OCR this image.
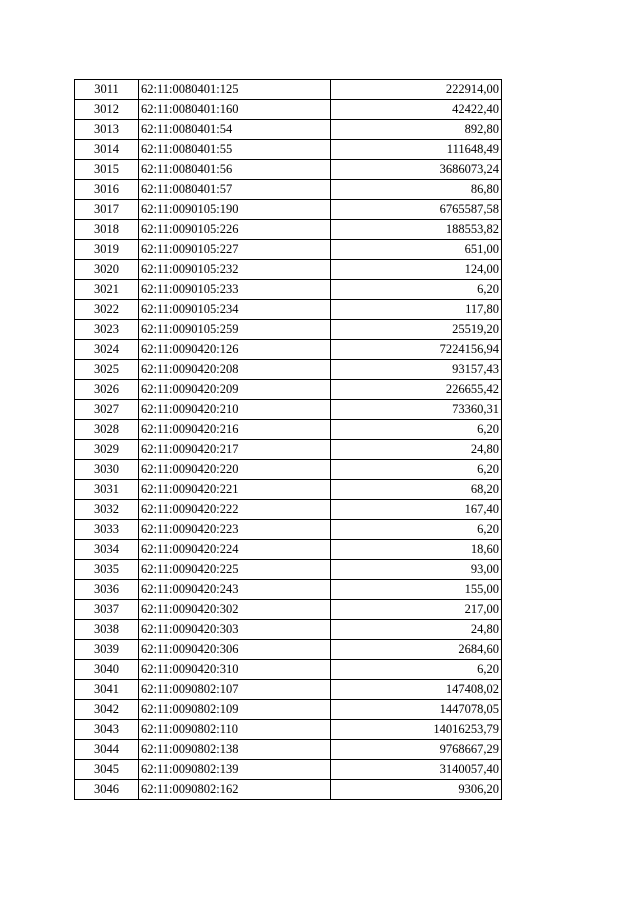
3011	62:11:0080401:125	222914,00
3012	62:11:0080401:160	42422,40
3013	62:11:0080401:54	892,80
3014	62:11:0080401:55	111648,49
3015	62:11:0080401:56	3686073,24
3016	62:11:0080401:57	86,80
3017	62:11:0090105:190	6765587,58
3018	62:11:0090105:226	188553,82
3019	62:11:0090105:227	651,00
3020	62:11:0090105:232	124,00
3021	62:11:0090105:233	6,20
3022	62:11:0090105:234	117,80
3023	62:11:0090105:259	25519,20
3024	62:11:0090420:126	7224156,94
3025	62:11:0090420:208	93157,43
3026	62:11:0090420:209	226655,42
3027	62:11:0090420:210	73360,31
3028	62:11:0090420:216	6,20
3029	62:11:0090420:217	24,80
3030	62:11:0090420:220	6,20
3031	62:11:0090420:221	68,20
3032	62:11:0090420:222	167,40
3033	62:11:0090420:223	6,20
3034	62:11:0090420:224	18,60
3035	62:11:0090420:225	93,00
3036	62:11:0090420:243	155,00
3037	62:11:0090420:302	217,00
3038	62:11:0090420:303	24,80
3039	62:11:0090420:306	2684,60
3040	62:11:0090420:310	6,20
3041	62:11:0090802:107	147408,02
3042	62:11:0090802:109	1447078,05
3043	62:11:0090802:110	14016253,79
3044	62:11:0090802:138	9768667,29
3045	62:11:0090802:139	3140057,40
3046	62:11:0090802:162	9306,20
